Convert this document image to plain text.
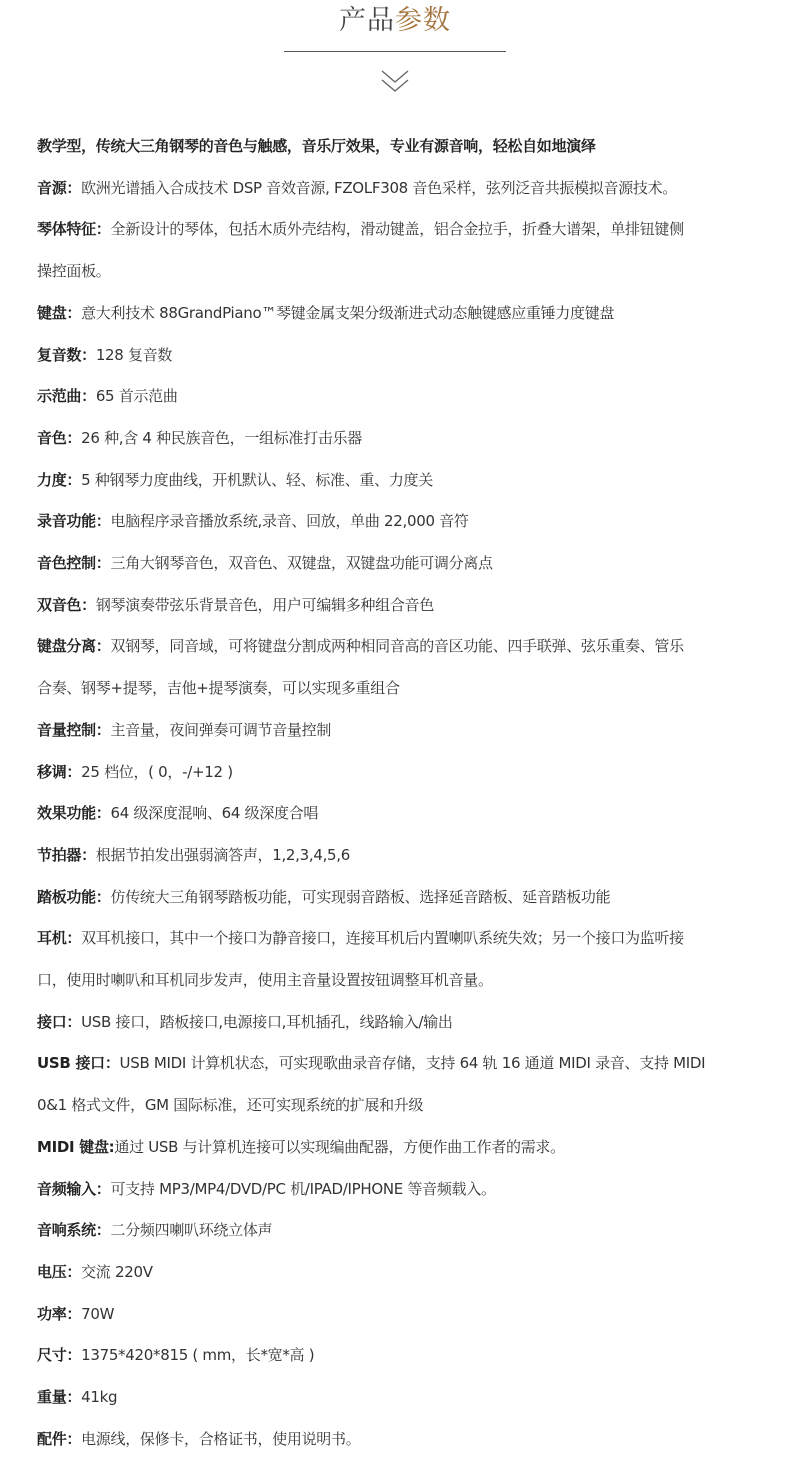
产品参数
教学型，传统大三角钢琴的音色与触感，音乐厅效果，专业有源音响，轻松自如地演绎
音源：欧洲光谱插入合成技术 DSP 音效音源, FZOLF308 音色采样，弦列泛音共振模拟音源技术。
琴体特征：全新设计的琴体，包括木质外壳结构，滑动键盖，铝合金拉手，折叠大谱架，单排钮键侧
操控面板。
键盘：意大利技术 88GrandPiano™琴键金属支架分级渐进式动态触键感应重锤力度键盘
复音数：128 复音数
示范曲：65 首示范曲
音色：26 种,含 4 种民族音色，一组标准打击乐器
力度：5 种钢琴力度曲线，开机默认、轻、标准、重、力度关
录音功能：电脑程序录音播放系统,录音、回放，单曲 22,000 音符
音色控制：三角大钢琴音色，双音色、双键盘，双键盘功能可调分离点
双音色：钢琴演奏带弦乐背景音色，用户可编辑多种组合音色
键盘分离：双钢琴，同音域，可将键盘分割成两种相同音高的音区功能、四手联弹、弦乐重奏、管乐
合奏、钢琴+提琴，吉他+提琴演奏，可以实现多重组合
音量控制：主音量，夜间弹奏可调节音量控制
移调：25 档位，( 0，-/+12 )
效果功能：64 级深度混响、64 级深度合唱
节拍器：根据节拍发出强弱滴答声，1,2,3,4,5,6
踏板功能：仿传统大三角钢琴踏板功能，可实现弱音踏板、选择延音踏板、延音踏板功能
耳机：双耳机接口，其中一个接口为静音接口，连接耳机后内置喇叭系统失效；另一个接口为监听接
口，使用时喇叭和耳机同步发声，使用主音量设置按钮调整耳机音量。
接口：USB 接口，踏板接口,电源接口,耳机插孔，线路输入/输出
USB 接口：USB MIDI 计算机状态，可实现歌曲录音存储，支持 64 轨 16 通道 MIDI 录音、支持 MIDI
0&1 格式文件，GM 国际标准，还可实现系统的扩展和升级
MIDI 键盘:通过 USB 与计算机连接可以实现编曲配器，方便作曲工作者的需求。
音频输入：可支持 MP3/MP4/DVD/PC 机/IPAD/IPHONE 等音频载入。
音响系统：二分频四喇叭环绕立体声
电压：交流 220V
功率：70W
尺寸：1375*420*815 ( mm，长*宽*高 )
重量：41kg
配件：电源线，保修卡，合格证书，使用说明书。
